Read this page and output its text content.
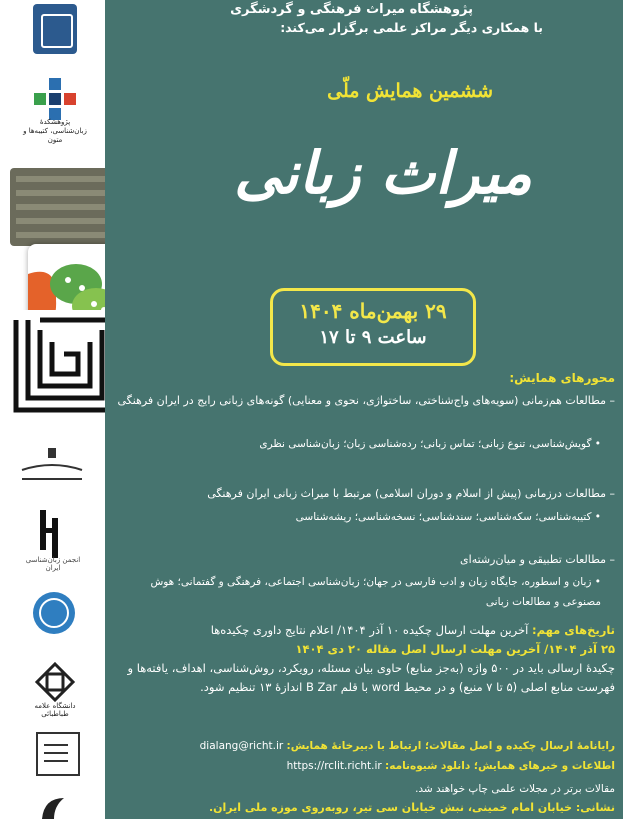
پژوهشکدهٔ زبان‌شناسی، کتیبه‌ها و متون
انجمن زبان‌شناسی ایران
دانشگاه علامه طباطبائی
پژوهشگاه میراث فرهنگی و گردشگری
با همکاری دیگر مراکز علمی برگزار می‌کند:
ششمین همایش ملّی
میراث زبانی
۲۹ بهمن‌ماه ۱۴۰۴
ساعت ۹ تا ۱۷
محورهای همایش:
– مطالعات هم‌زمانی (سویه‌های واج‌شناختی، ساختواژی، نحوی و معنایی) گونه‌های زبانی رایج در ایران فرهنگی
• گویش‌شناسی، تنوع زبانی؛ تماس زبانی؛ رده‌شناسی زبان؛ زبان‌شناسی نظری
– مطالعات درزمانی (پیش از اسلام و دوران اسلامی) مرتبط با میراث زبانی ایران فرهنگی
• کتیبه‌شناسی؛ سکه‌شناسی؛ سندشناسی؛ نسخه‌شناسی؛ ریشه‌شناسی
– مطالعات تطبیقی و میان‌رشته‌ای
• زبان و اسطوره، جایگاه زبان و ادب فارسی در جهان؛ زبان‌شناسی اجتماعی، فرهنگی و گفتمانی؛ هوش مصنوعی و مطالعات زبانی
تاریخ‌های مهم: آخرین مهلت ارسال چکیده ۱۰ آذر ۱۴۰۴/ اعلام نتایج داوری چکیده‌ها
۲۵ آذر ۱۴۰۴/ آخرین مهلت ارسال اصل مقاله ۲۰ دی ۱۴۰۴
چکیدهٔ ارسالی باید در ۵۰۰ واژه (به‌جز منابع) حاوی بیان مسئله، رویکرد، روش‌شناسی، اهداف، یافته‌ها و فهرست منابع اصلی (۵ تا ۷ منبع) و در محیط word با قلم B Zar اندازهٔ ۱۳ تنظیم شود.
رایانامهٔ ارسال چکیده و اصل مقالات؛ ارتباط با دبیرخانهٔ همایش: dialang@richt.ir
اطلاعات و خبرهای همایش؛ دانلود شیوه‌نامه: https://rclit.richt.ir
مقالات برتر در مجلات علمی چاپ خواهند شد.
نشانی: خیابان امام خمینی، نبش خیابان سی تیر، روبه‌روی موزه ملی ایران.
